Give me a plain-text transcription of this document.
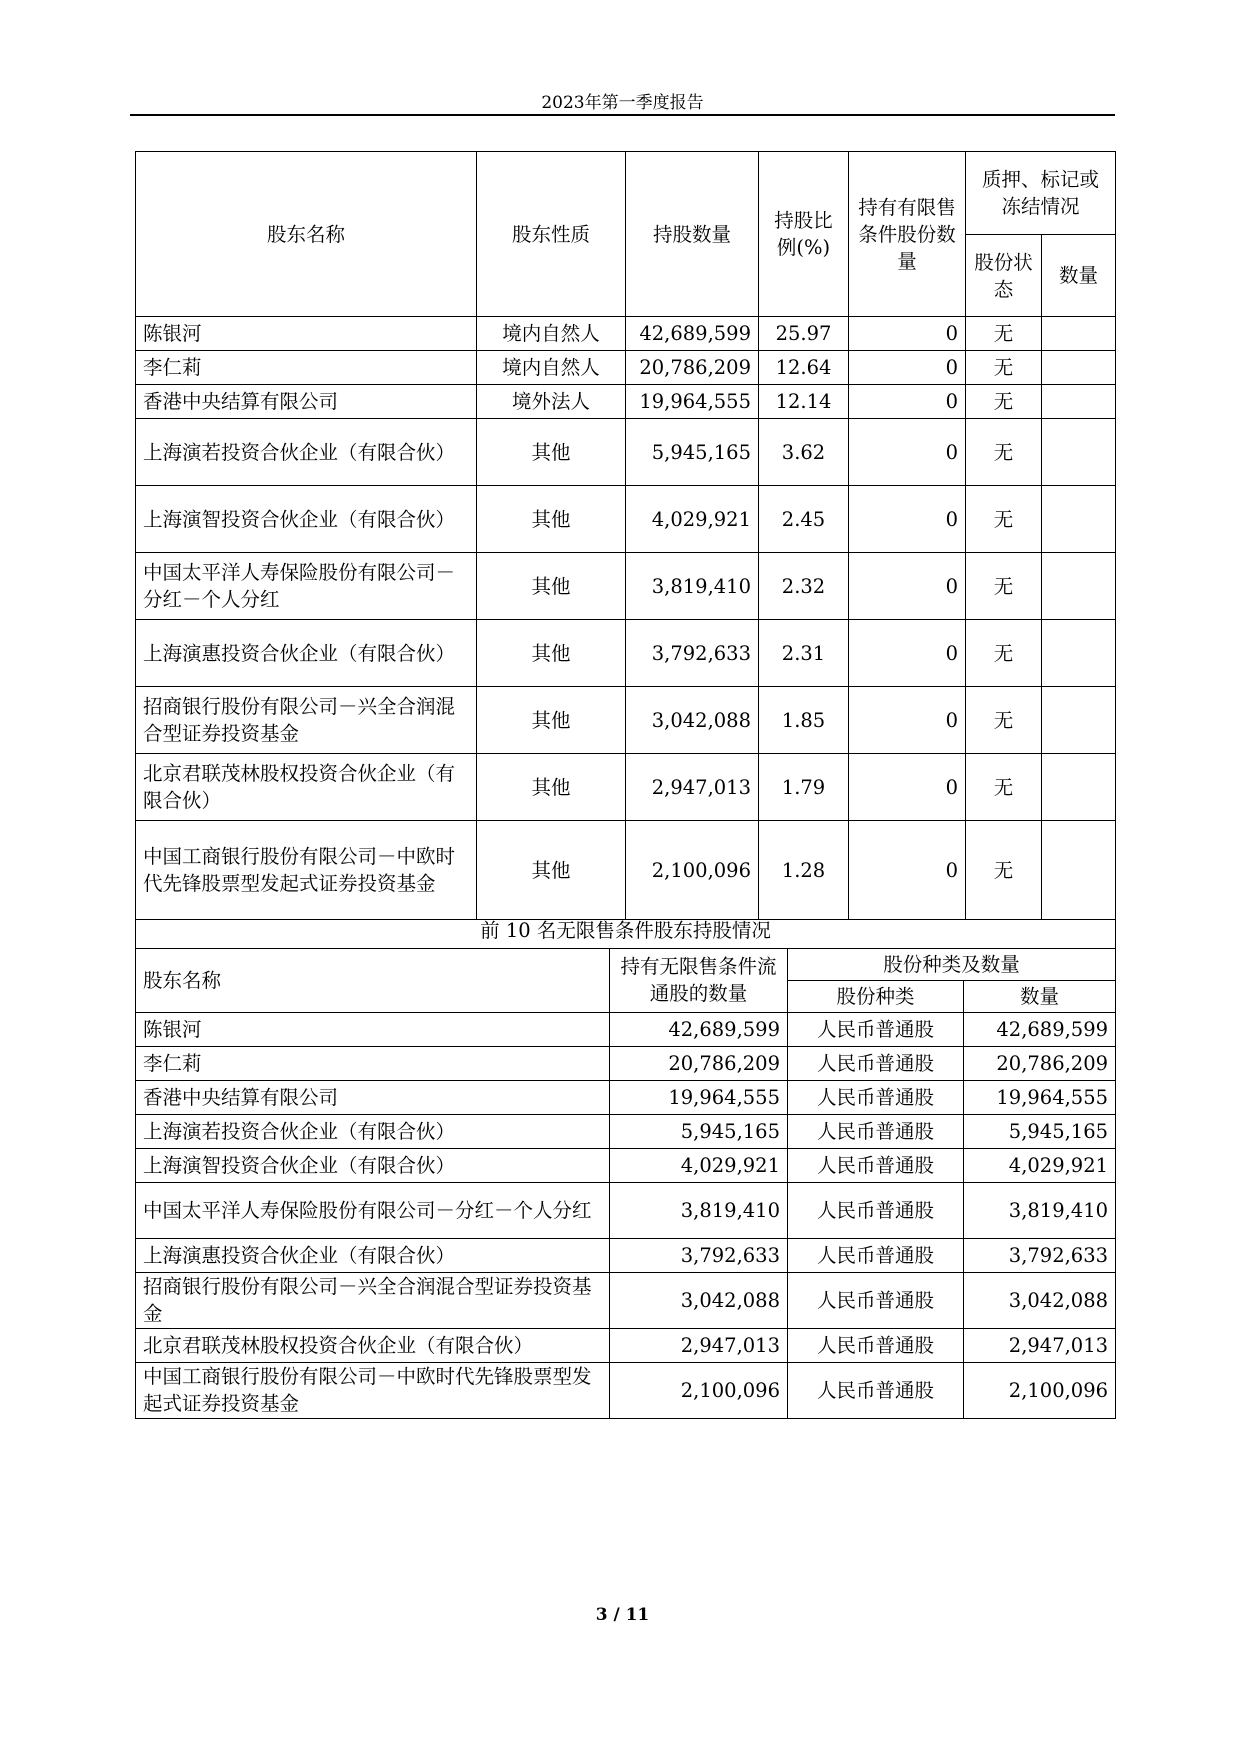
2023年第一季度报告
股东名称	股东性质	持股数量	持股比例(%)	持有有限售条件股份数量	质押、标记或冻结情况	
					股份状态	数量
陈银河	境内自然人	42,689,599	25.97	0	无	
李仁莉	境内自然人	20,786,209	12.64	0	无	
香港中央结算有限公司	境外法人	19,964,555	12.14	0	无	
上海演若投资合伙企业（有限合伙）	其他	5,945,165	3.62	0	无	
上海演智投资合伙企业（有限合伙）	其他	4,029,921	2.45	0	无	
中国太平洋人寿保险股份有限公司－分红－个人分红	其他	3,819,410	2.32	0	无	
上海演惠投资合伙企业（有限合伙）	其他	3,792,633	2.31	0	无	
招商银行股份有限公司－兴全合润混合型证券投资基金	其他	3,042,088	1.85	0	无	
北京君联茂林股权投资合伙企业（有限合伙）	其他	2,947,013	1.79	0	无	
中国工商银行股份有限公司－中欧时代先锋股票型发起式证券投资基金	其他	2,100,096	1.28	0	无	
前 10 名无限售条件股东持股情况			
股东名称	持有无限售条件流通股的数量	股份种类及数量	
		股份种类	数量
陈银河	42,689,599	人民币普通股	42,689,599
李仁莉	20,786,209	人民币普通股	20,786,209
香港中央结算有限公司	19,964,555	人民币普通股	19,964,555
上海演若投资合伙企业（有限合伙）	5,945,165	人民币普通股	5,945,165
上海演智投资合伙企业（有限合伙）	4,029,921	人民币普通股	4,029,921
中国太平洋人寿保险股份有限公司－分红－个人分红	3,819,410	人民币普通股	3,819,410
上海演惠投资合伙企业（有限合伙）	3,792,633	人民币普通股	3,792,633
招商银行股份有限公司－兴全合润混合型证券投资基金	3,042,088	人民币普通股	3,042,088
北京君联茂林股权投资合伙企业（有限合伙）	2,947,013	人民币普通股	2,947,013
中国工商银行股份有限公司－中欧时代先锋股票型发起式证券投资基金	2,100,096	人民币普通股	2,100,096
3 / 11
